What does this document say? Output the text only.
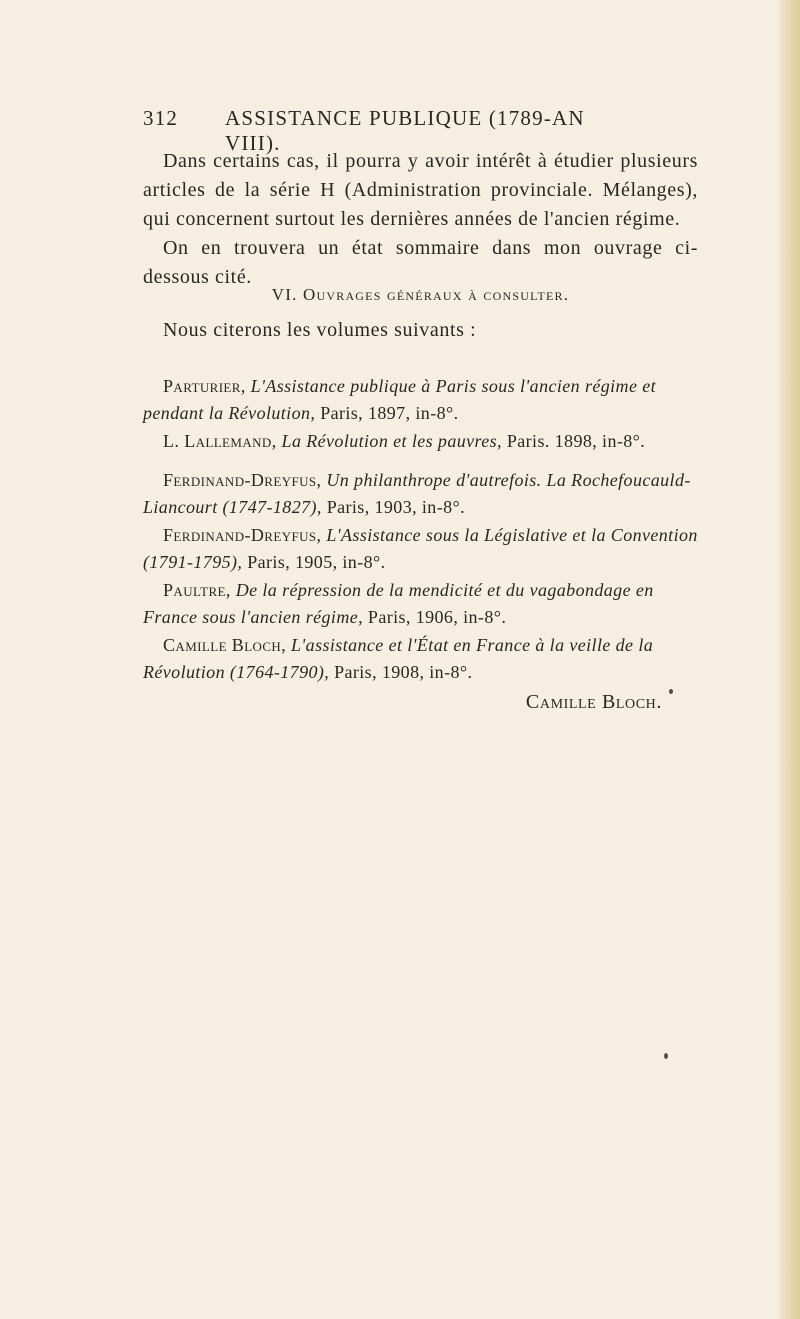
312	ASSISTANCE PUBLIQUE (1789-AN VIII).

Dans certains cas, il pourra y avoir intérêt à étudier plusieurs articles de la série H (Administration provinciale. Mélanges), qui concernent surtout les dernières années de l'ancien régime.

On en trouvera un état sommaire dans mon ouvrage ci-dessous cité.

VI. Ouvrages généraux à consulter.
Nous citerons les volumes suivants :

Parturier, L'Assistance publique à Paris sous l'ancien régime et pendant la Révolution, Paris, 1897, in-8°.

L. Lallemand, La Révolution et les pauvres, Paris. 1898, in-8°.

Ferdinand-Dreyfus, Un philanthrope d'autrefois. La Rochefoucauld-Liancourt (1747-1827), Paris, 1903, in-8°.

Ferdinand-Dreyfus, L'Assistance sous la Législative et la Convention (1791-1795), Paris, 1905, in-8°.

Paultre, De la répression de la mendicité et du vagabondage en France sous l'ancien régime, Paris, 1906, in-8°.

Camille Bloch, L'assistance et l'État en France à la veille de la Révolution (1764-1790), Paris, 1908, in-8°.

Camille Bloch.
